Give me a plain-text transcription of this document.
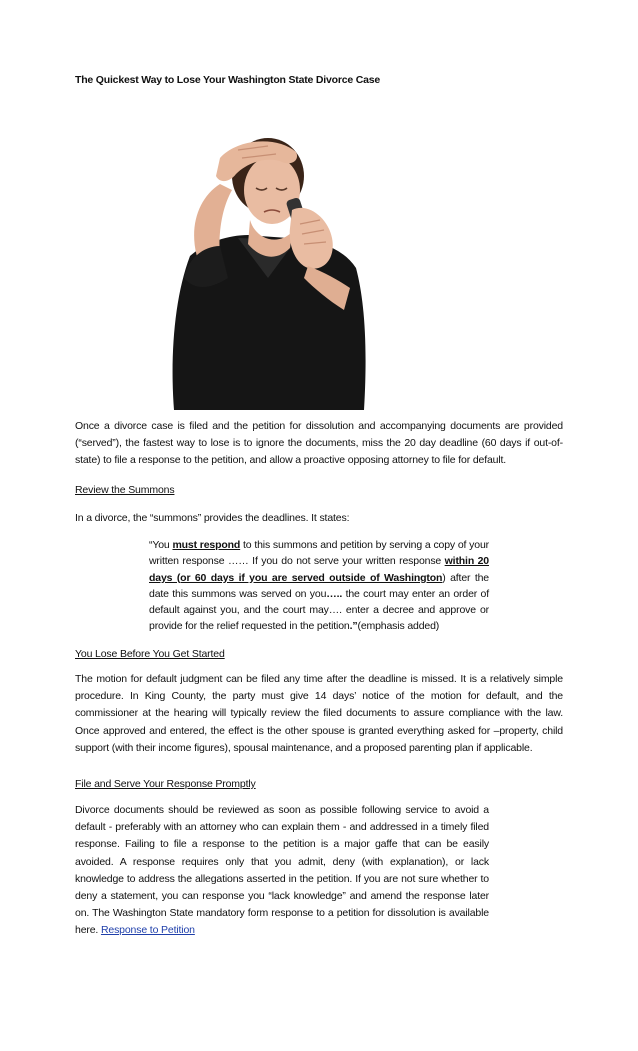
The Quickest Way to Lose Your Washington State Divorce Case
Once a divorce case is filed and the petition for dissolution and accompanying documents are provided (“served”), the fastest way to lose is to ignore the documents, miss the 20 day deadline (60 days if out-of-state) to file a response to the petition, and allow a proactive opposing attorney to file for default.
Review the Summons
In a divorce, the “summons” provides the deadlines. It states:
“You must respond to this summons and petition by serving a copy of your written response …… If you do not serve your written response within 20 days (or 60 days if you are served outside of Washington) after the date this summons was served on you….. the court may enter an order of default against you, and the court may…. enter a decree and approve or provide for the relief requested in the petition.”(emphasis added)
You Lose Before You Get Started
The motion for default judgment can be filed any time after the deadline is missed. It is a relatively simple procedure. In King County, the party must give 14 days’ notice of the motion for default, and the commissioner at the hearing will typically review the filed documents to assure compliance with the law. Once approved and entered, the effect is the other spouse is granted everything asked for –property, child support (with their income figures), spousal maintenance, and a proposed parenting plan if applicable.
File and Serve Your Response Promptly
Divorce documents should be reviewed as soon as possible following service to avoid a default - preferably with an attorney who can explain them - and addressed in a timely filed response. Failing to file a response to the petition is a major gaffe that can be easily avoided. A response requires only that you admit, deny (with explanation), or lack knowledge to address the allegations asserted in the petition. If you are not sure whether to deny a statement, you can response you “lack knowledge” and amend the response later on. The Washington State mandatory form response to a petition for dissolution is available here. Response to Petition
